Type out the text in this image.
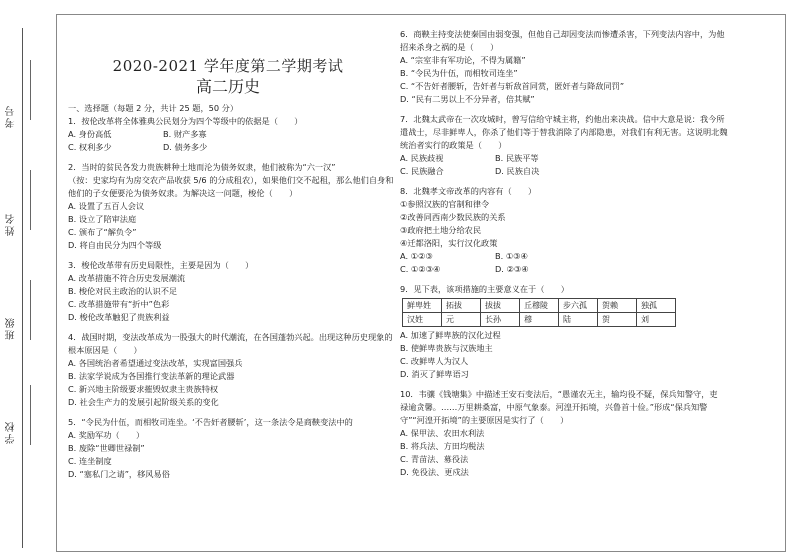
考号
姓名
班级
学校
2020-2021 学年度第二学期考试
高二历史

一、选择题（每题 2 分，共计 25 题，50 分）

1．按伦改革将全体雅典公民划分为四个等级中的依据是（　　）

A. 身份高低	B. 财产多寡
C. 权利多少	D. 债务多少

2．当时的贫民各发力贵族耕种土地而沦为债务奴隶，他们被称为“六一汉”

（按：史家均有为房交农产品收获 5/6 的分成租农），如果他们交不起租，那么他们自身和

他们的子女便要沦为债务奴隶。为解决这一问题，梭伦（　　）

A. 设置了五百人会议

B. 设立了陪审法庭

C. 颁布了“解负令”

D. 将自由民分为四个等级

3．梭伦改革带有历史局限性，主要是因为（　　）

A. 改革措施不符合历史发展潮流

B. 梭伦对民主政治的认识不足

C. 改革措施带有“折中”色彩

D. 梭伦改革触犯了贵族利益

4．战国时期，变法改革成为一股强大的时代潮流，在各国蓬勃兴起。出现这种历史现象的

根本原因是（　　）

A. 各国统治者希望通过变法改革，实现富国强兵

B. 法家学说成为各国推行变法革新的理论武器

C. 新兴地主阶级要求摧毁奴隶主贵族特权

D. 社会生产力的发展引起阶级关系的变化

5．“令民为什伍，而相牧司连坐。‘不告奸者腰斩’，这一条法令是商鞅变法中的

A. 奖励军功（　　）

B. 废除“世卿世禄制”

C. 连坐制度

D. “塞私门之请”，移风易俗

6．商鞅主持变法使秦国由弱变强，但他自己却因变法而惨遭杀害，下列变法内容中，为他

招来杀身之祸的是（　　）

A. “宗室非有军功论，不得为属籍”

B. “令民为什伍，而相牧司连坐”

C. “不告奸者腰斩，告奸者与斩敌首同赏，匿奸者与降敌同罚”

D. “民有二男以上不分异者，倍其赋”

7．北魏太武帝在一次攻城时，曾写信给守城主将，约他出来决战。信中大意是说：我今所

遣战士，尽非鲜卑人，你杀了他们等于替我消除了内部隐患，对我们有利无害。这说明北魏

统治者实行的政策是（　　）

A. 民族歧视	B. 民族平等
C. 民族融合	D. 民族自决

8．北魏孝文帝改革的内容有（　　）

①参照汉族的官制和律令

②改善同西南少数民族的关系

③政府把土地分给农民

④迁都洛阳，实行汉化政策

A. ①②③	B. ①③④
C. ①②③④	D. ②③④

9．见下表，该项措施的主要意义在于（　　）

鲜卑姓	拓拔	拔拔	丘穆陵	步六孤	贺赖	独孤
汉姓	元	长孙	穆	陆	贺	刘

A. 加速了鲜卑族的汉化过程

B. 使鲜卑贵族与汉族地主

C. 改鲜卑人为汉人

D. 消灭了鲜卑语习

10．韦骧《钱塘集》中描述王安石变法后，“愚谨农无主，输均役不疑，保兵知警守，吏

禄逾贪馨。……万里耕桑富，中原气象泰。河湟开拓境，兴鲁首十俭。”形成“保兵知警

守”“河湟开拓境”的主要原因是实行了（　　）

A. 保甲法、农田水利法

B. 将兵法、方田均税法

C. 青苗法、募役法

D. 免役法、更戍法
